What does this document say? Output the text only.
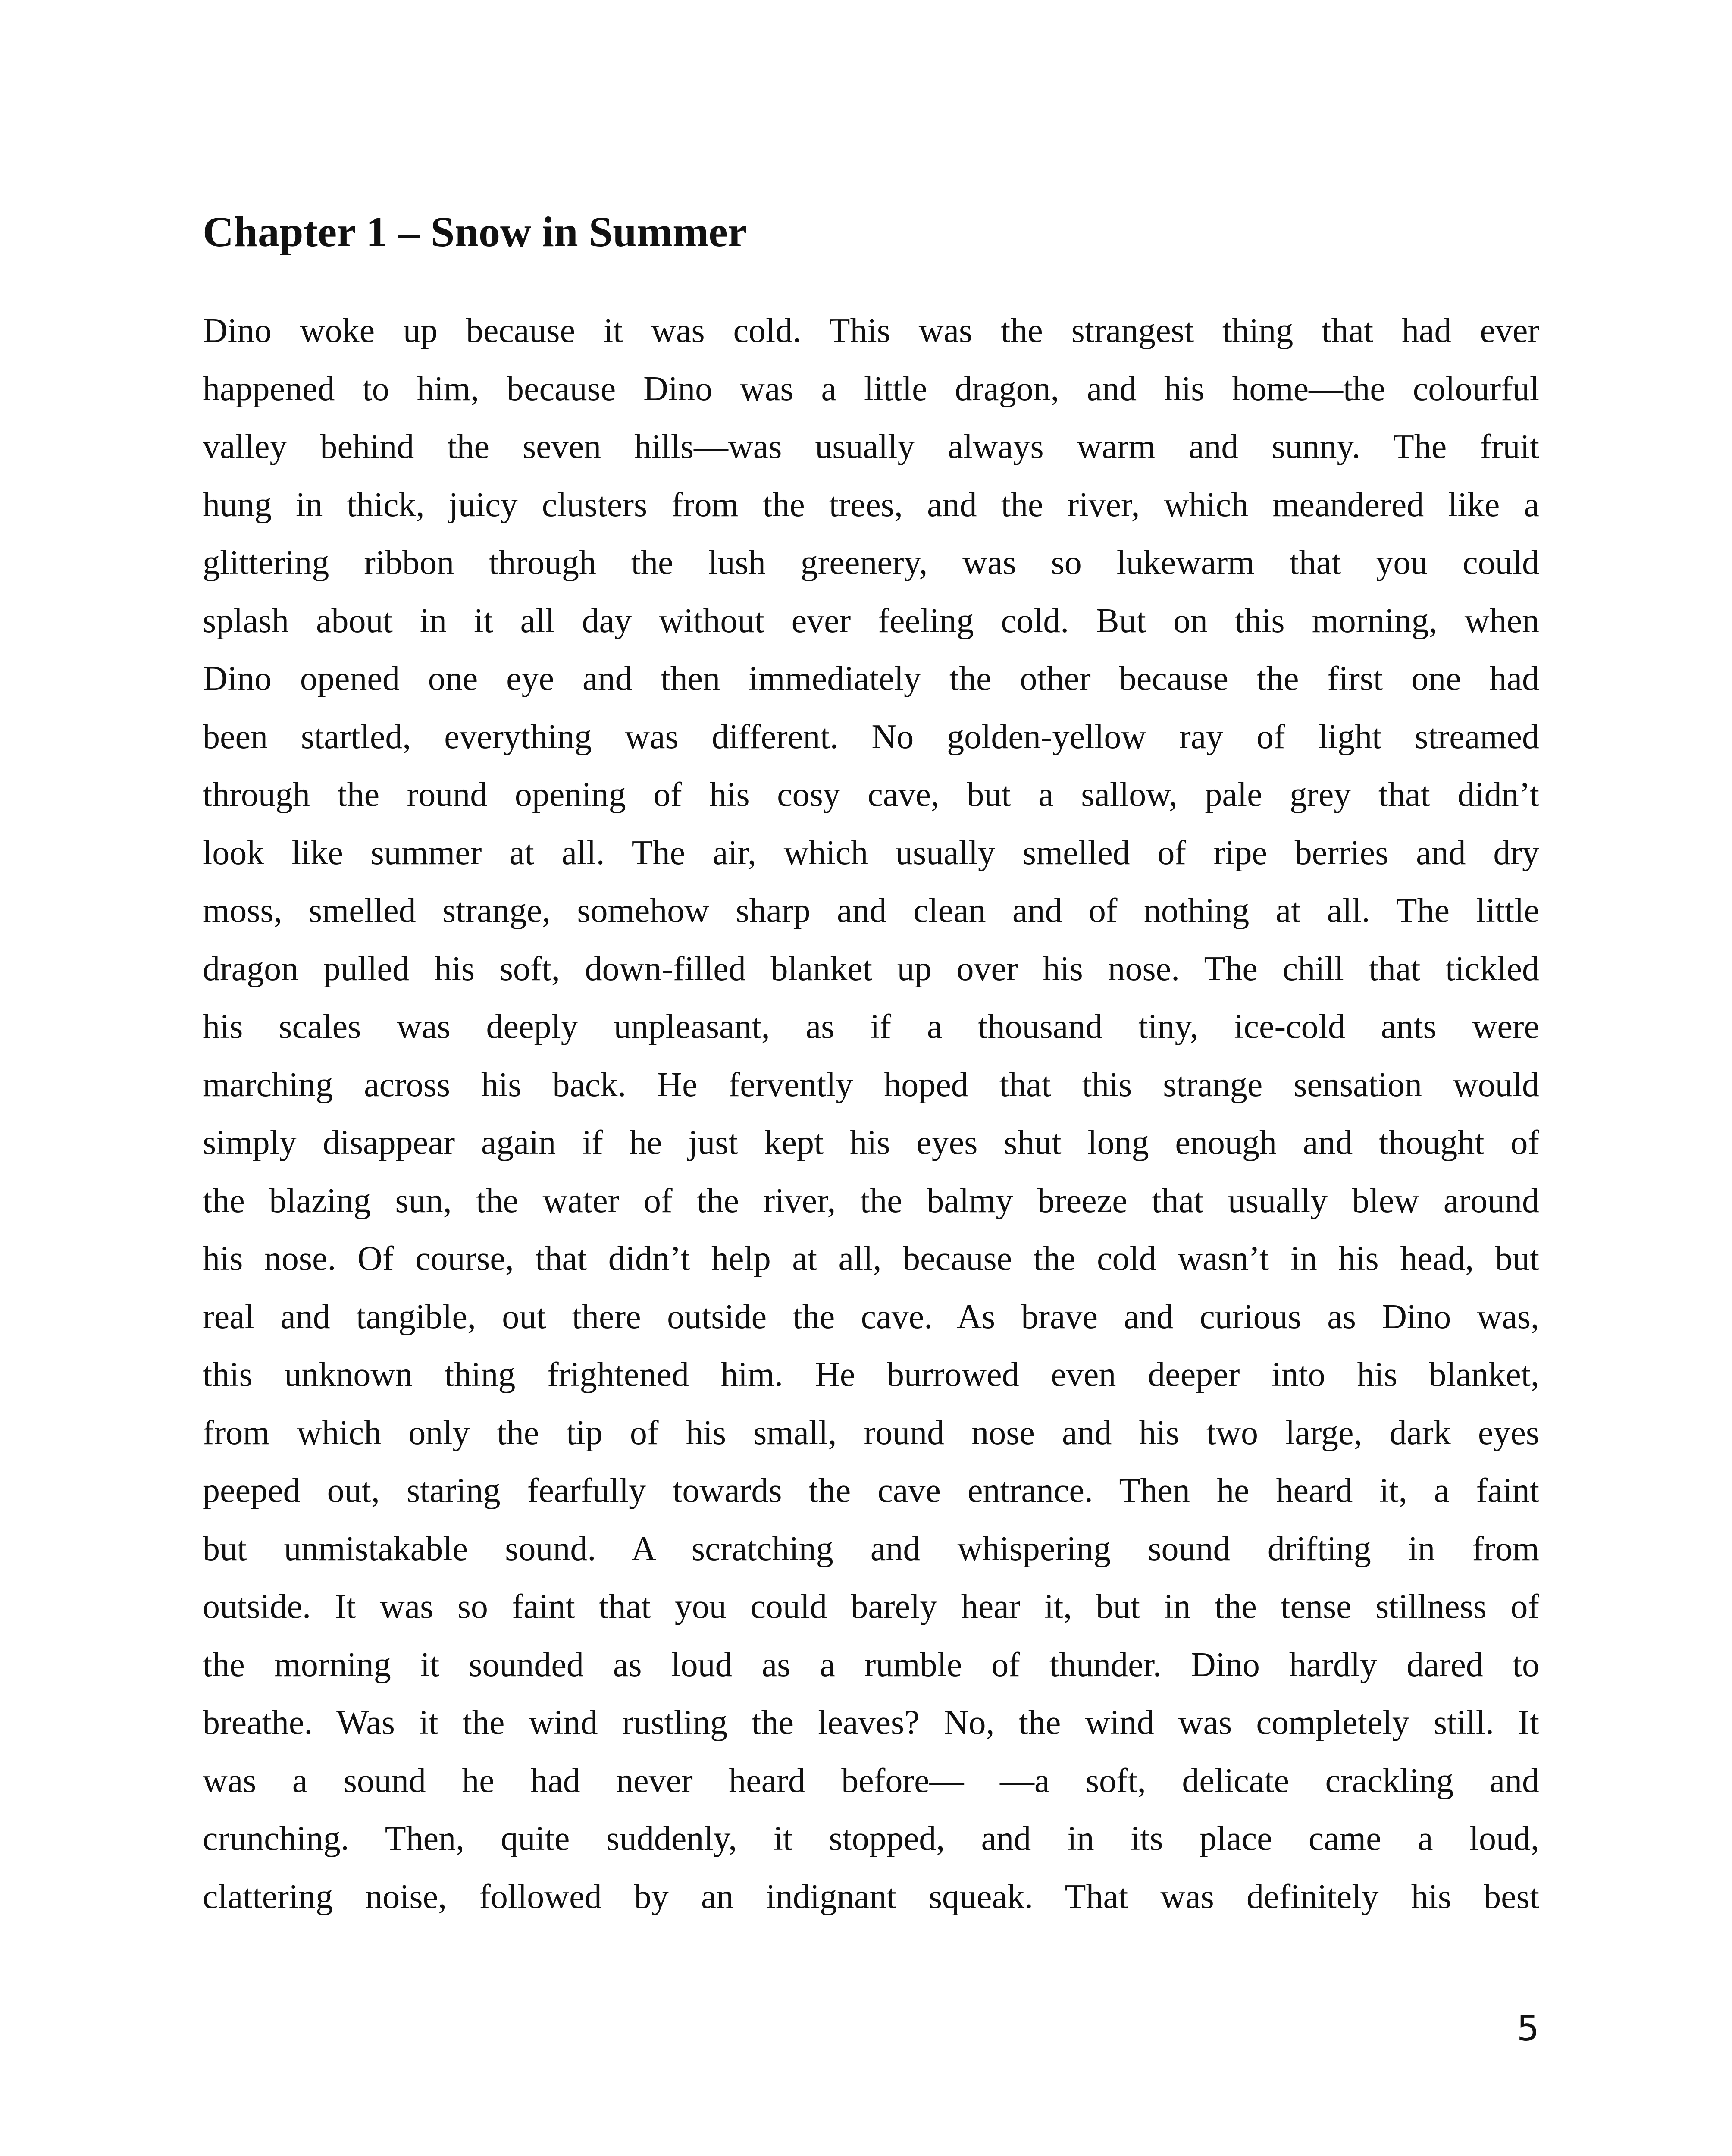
Chapter 1 – Snow in Summer
Dino woke up because it was cold. This was the strangest thing that had ever
happened to him, because Dino was a little dragon, and his home—the colourful
valley behind the seven hills—was usually always warm and sunny. The fruit
hung in thick, juicy clusters from the trees, and the river, which meandered like a
glittering ribbon through the lush greenery, was so lukewarm that you could
splash about in it all day without ever feeling cold. But on this morning, when
Dino opened one eye and then immediately the other because the first one had
been startled, everything was different. No golden-yellow ray of light streamed
through the round opening of his cosy cave, but a sallow, pale grey that didn’t
look like summer at all. The air, which usually smelled of ripe berries and dry
moss, smelled strange, somehow sharp and clean and of nothing at all. The little
dragon pulled his soft, down-filled blanket up over his nose. The chill that tickled
his scales was deeply unpleasant, as if a thousand tiny, ice-cold ants were
marching across his back. He fervently hoped that this strange sensation would
simply disappear again if he just kept his eyes shut long enough and thought of
the blazing sun, the water of the river, the balmy breeze that usually blew around
his nose. Of course, that didn’t help at all, because the cold wasn’t in his head, but
real and tangible, out there outside the cave. As brave and curious as Dino was,
this unknown thing frightened him. He burrowed even deeper into his blanket,
from which only the tip of his small, round nose and his two large, dark eyes
peeped out, staring fearfully towards the cave entrance. Then he heard it, a faint
but unmistakable sound. A scratching and whispering sound drifting in from
outside. It was so faint that you could barely hear it, but in the tense stillness of
the morning it sounded as loud as a rumble of thunder. Dino hardly dared to
breathe. Was it the wind rustling the leaves? No, the wind was completely still. It
was a sound he had never heard before— —a soft, delicate crackling and
crunching. Then, quite suddenly, it stopped, and in its place came a loud,
clattering noise, followed by an indignant squeak. That was definitely his best
5
